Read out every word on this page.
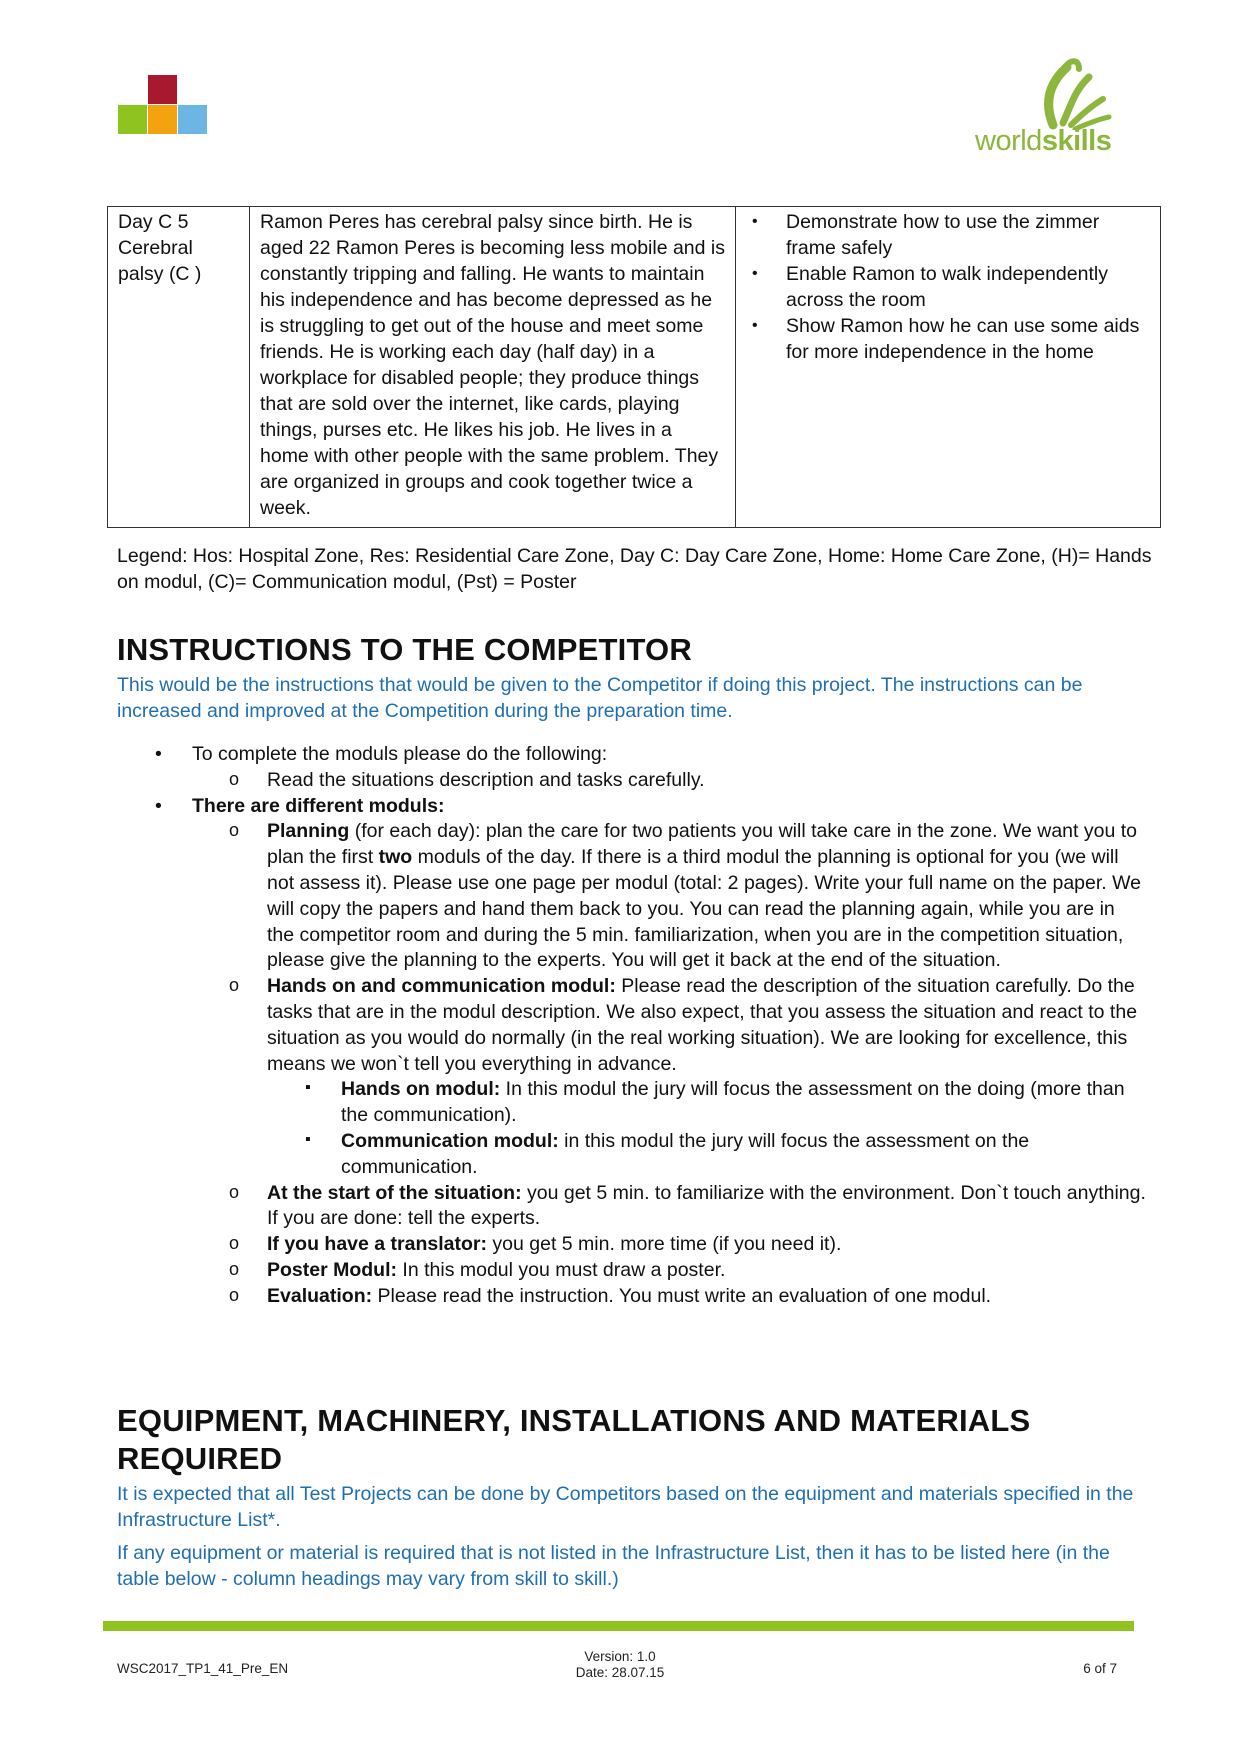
worldskills
Day C 5
Cerebral
palsy (C )
	Ramon Peres has cerebral palsy since birth. He is aged 22 Ramon Peres is becoming less mobile and is constantly tripping and falling. He wants to maintain his independence and has become depressed as he is struggling to get out of the house and meet some friends. He is working each day (half day) in a workplace for disabled people; they produce things that are sold over the internet, like cards, playing things, purses etc. He likes his job. He lives in a home with other people with the same problem. They are organized in groups and cook together twice a week.	
• Demonstrate how to use the zimmer frame safely
• Enable Ramon to walk independently across the room
• Show Ramon how he can use some aids for more independence in the home
Legend: Hos: Hospital Zone, Res: Residential Care Zone, Day C: Day Care Zone, Home: Home Care Zone, (H)= Hands on modul, (C)= Communication modul, (Pst) = Poster
INSTRUCTIONS TO THE COMPETITOR
This would be the instructions that would be given to the Competitor if doing this project. The instructions can be increased and improved at the Competition during the preparation time.
• To complete the moduls please do the following:
o Read the situations description and tasks carefully.
• There are different moduls:
o Planning (for each day): plan the care for two patients you will take care in the zone. We want you to plan the first two moduls of the day. If there is a third modul the planning is optional for you (we will not assess it). Please use one page per modul (total: 2 pages). Write your full name on the paper. We will copy the papers and hand them back to you. You can read the planning again, while you are in the competitor room and during the 5 min. familiarization, when you are in the competition situation, please give the planning to the experts. You will get it back at the end of the situation.
o Hands on and communication modul: Please read the description of the situation carefully. Do the tasks that are in the modul description. We also expect, that you assess the situation and react to the situation as you would do normally (in the real working situation). We are looking for excellence, this means we won`t tell you everything in advance.
▪ Hands on modul: In this modul the jury will focus the assessment on the doing (more than the communication).
▪ Communication modul: in this modul the jury will focus the assessment on the communication.
o At the start of the situation: you get 5 min. to familiarize with the environment. Don`t touch anything. If you are done: tell the experts.
o If you have a translator: you get 5 min. more time (if you need it).
o Poster Modul: In this modul you must draw a poster.
o Evaluation: Please read the instruction. You must write an evaluation of one modul.
EQUIPMENT, MACHINERY, INSTALLATIONS AND MATERIALS
REQUIRED
It is expected that all Test Projects can be done by Competitors based on the equipment and materials specified in the Infrastructure List*.
If any equipment or material is required that is not listed in the Infrastructure List, then it has to be listed here (in the table below - column headings may vary from skill to skill.)
WSC2017_TP1_41_Pre_EN
Version: 1.0
Date: 28.07.15	6 of 7
